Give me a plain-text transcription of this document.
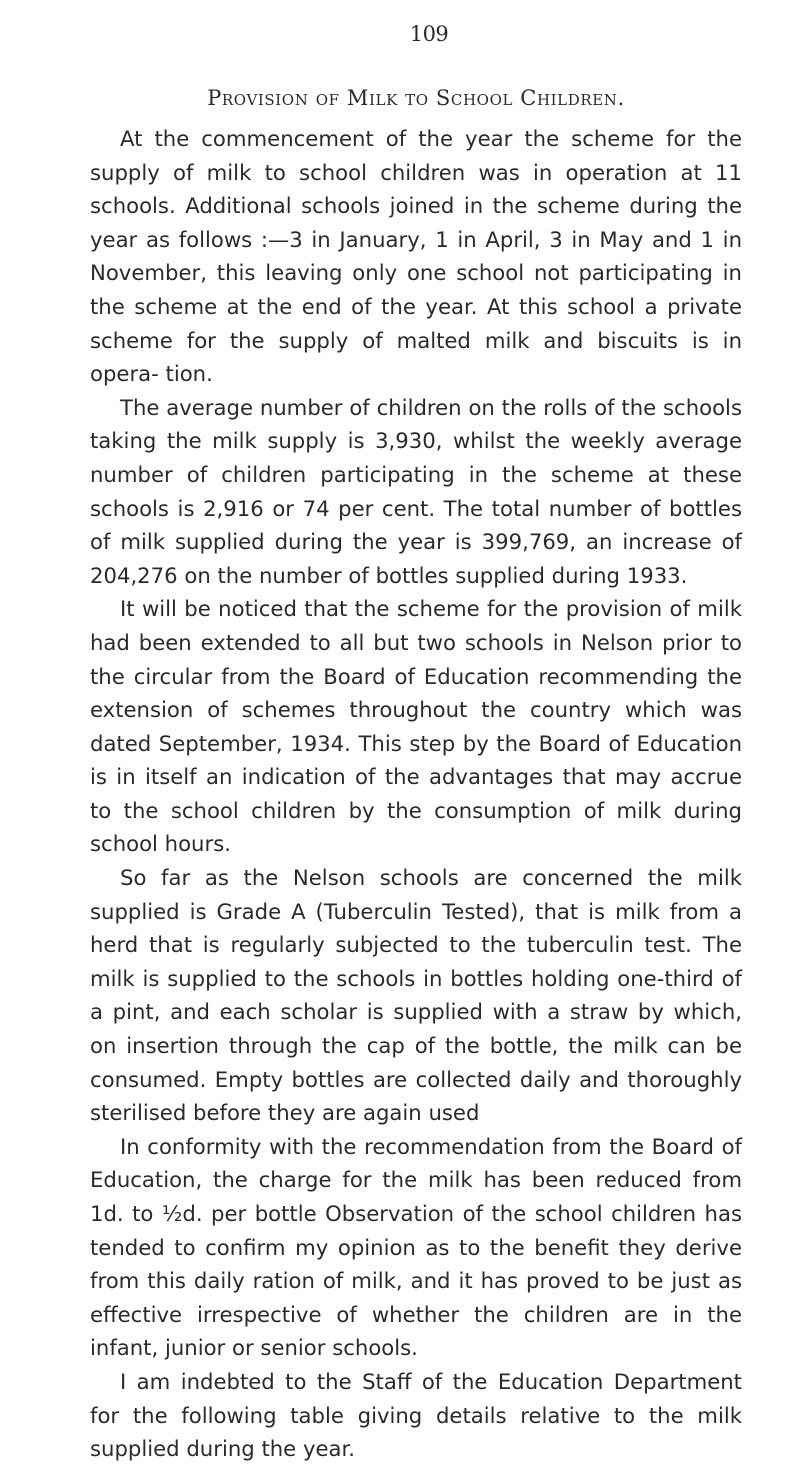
109
Provision of Milk to School Children.

At the commencement of the year the scheme for the supply of milk to school children was in operation at 11 schools. Additional schools joined in the scheme during the year as follows :—3 in January, 1 in April, 3 in May and 1 in November, this leaving only one school not participating in the scheme at the end of the year. At this school a private scheme for the supply of malted milk and biscuits is in opera- tion.

The average number of children on the rolls of the schools taking the milk supply is 3,930, whilst the weekly average number of children participating in the scheme at these schools is 2,916 or 74 per cent. The total number of bottles of milk supplied during the year is 399,769, an increase of 204,276 on the number of bottles supplied during 1933.

It will be noticed that the scheme for the provision of milk had been extended to all but two schools in Nelson prior to the circular from the Board of Education recommending the extension of schemes throughout the country which was dated September, 1934. This step by the Board of Education is in itself an indication of the advantages that may accrue to the school children by the consumption of milk during school hours.

So far as the Nelson schools are concerned the milk supplied is Grade A (Tuberculin Tested), that is milk from a herd that is regularly subjected to the tuberculin test. The milk is supplied to the schools in bottles holding one-third of a pint, and each scholar is supplied with a straw by which, on insertion through the cap of the bottle, the milk can be consumed. Empty bottles are collected daily and thoroughly sterilised before they are again used

In conformity with the recommendation from the Board of Education, the charge for the milk has been reduced from 1d. to ½d. per bottle Observation of the school children has tended to confirm my opinion as to the benefit they derive from this daily ration of milk, and it has proved to be just as effective irrespective of whether the children are in the infant, junior or senior schools.

I am indebted to the Staff of the Education Department for the following table giving details relative to the milk supplied during the year.
